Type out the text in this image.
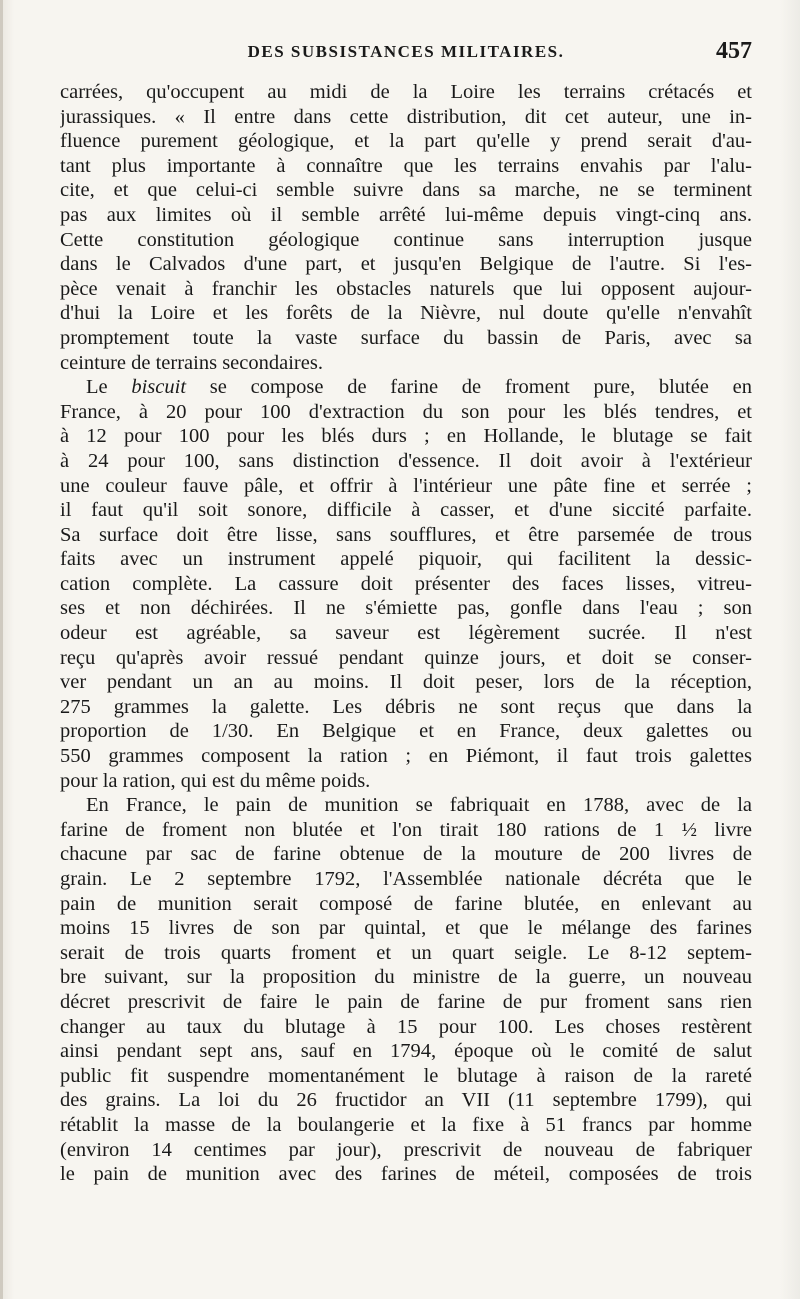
DES SUBSISTANCES MILITAIRES.	457
carrées, qu'occupent au midi de la Loire les terrains crétacés et
jurassiques. « Il entre dans cette distribution, dit cet auteur, une in-
fluence purement géologique, et la part qu'elle y prend serait d'au-
tant plus importante à connaître que les terrains envahis par l'alu-
cite, et que celui-ci semble suivre dans sa marche, ne se terminent
pas aux limites où il semble arrêté lui-même depuis vingt-cinq ans.
Cette constitution géologique continue sans interruption jusque
dans le Calvados d'une part, et jusqu'en Belgique de l'autre. Si l'es-
pèce venait à franchir les obstacles naturels que lui opposent aujour-
d'hui la Loire et les forêts de la Nièvre, nul doute qu'elle n'envahît
promptement toute la vaste surface du bassin de Paris, avec sa
ceinture de terrains secondaires.
Le biscuit se compose de farine de froment pure, blutée en
France, à 20 pour 100 d'extraction du son pour les blés tendres, et
à 12 pour 100 pour les blés durs ; en Hollande, le blutage se fait
à 24 pour 100, sans distinction d'essence. Il doit avoir à l'extérieur
une couleur fauve pâle, et offrir à l'intérieur une pâte fine et serrée ;
il faut qu'il soit sonore, difficile à casser, et d'une siccité parfaite.
Sa surface doit être lisse, sans soufflures, et être parsemée de trous
faits avec un instrument appelé piquoir, qui facilitent la dessic-
cation complète. La cassure doit présenter des faces lisses, vitreu-
ses et non déchirées. Il ne s'émiette pas, gonfle dans l'eau ; son
odeur est agréable, sa saveur est légèrement sucrée. Il n'est
reçu qu'après avoir ressué pendant quinze jours, et doit se conser-
ver pendant un an au moins. Il doit peser, lors de la réception,
275 grammes la galette. Les débris ne sont reçus que dans la
proportion de 1/30. En Belgique et en France, deux galettes ou
550 grammes composent la ration ; en Piémont, il faut trois galettes
pour la ration, qui est du même poids.
En France, le pain de munition se fabriquait en 1788, avec de la
farine de froment non blutée et l'on tirait 180 rations de 1 ½ livre
chacune par sac de farine obtenue de la mouture de 200 livres de
grain. Le 2 septembre 1792, l'Assemblée nationale décréta que le
pain de munition serait composé de farine blutée, en enlevant au
moins 15 livres de son par quintal, et que le mélange des farines
serait de trois quarts froment et un quart seigle. Le 8-12 septem-
bre suivant, sur la proposition du ministre de la guerre, un nouveau
décret prescrivit de faire le pain de farine de pur froment sans rien
changer au taux du blutage à 15 pour 100. Les choses restèrent
ainsi pendant sept ans, sauf en 1794, époque où le comité de salut
public fit suspendre momentanément le blutage à raison de la rareté
des grains. La loi du 26 fructidor an VII (11 septembre 1799), qui
rétablit la masse de la boulangerie et la fixe à 51 francs par homme
(environ 14 centimes par jour), prescrivit de nouveau de fabriquer
le pain de munition avec des farines de méteil, composées de trois
